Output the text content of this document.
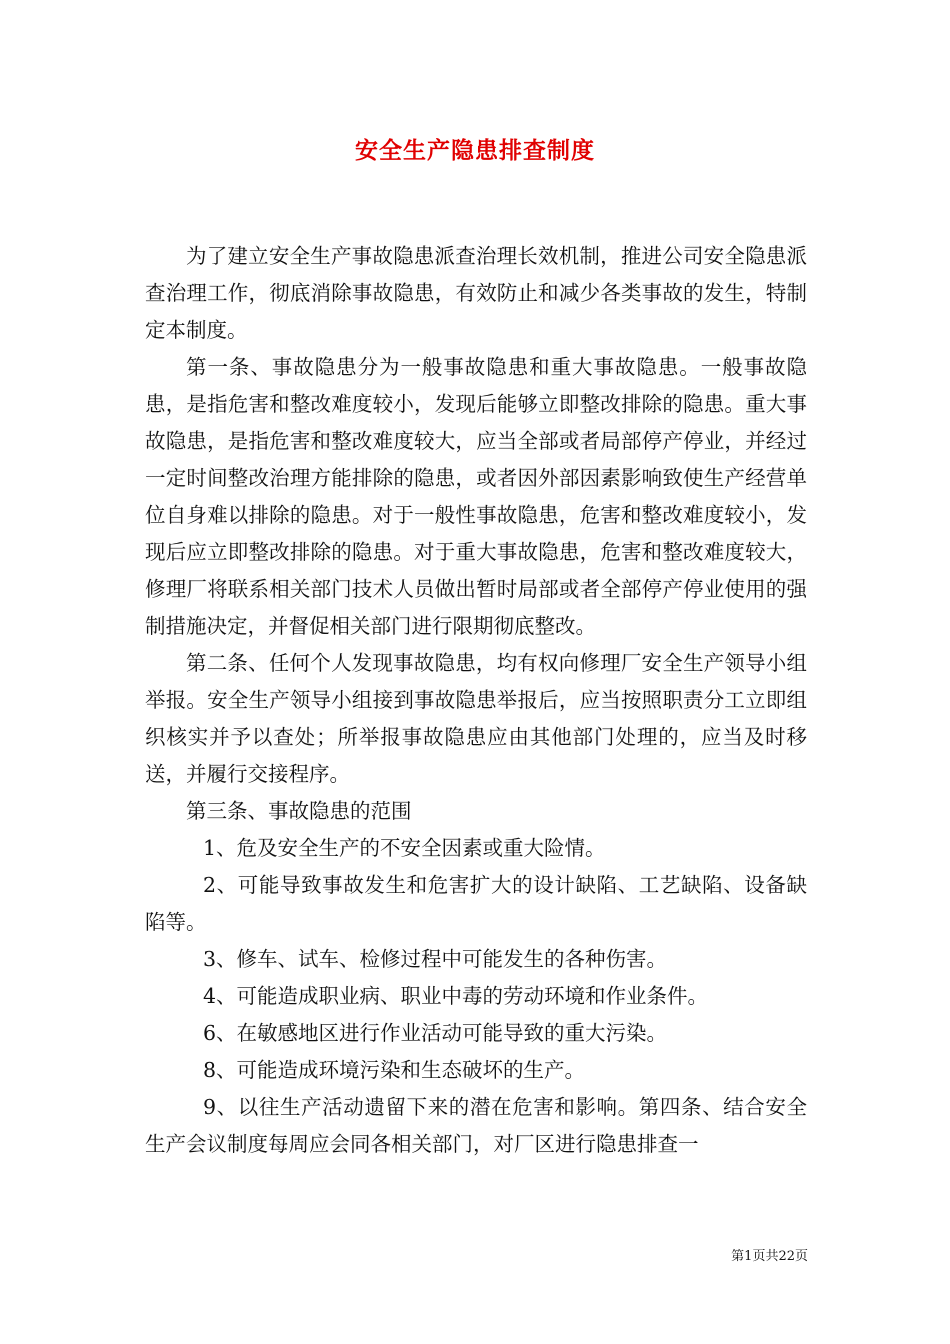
安全生产隐患排查制度

为了建立安全生产事故隐患派查治理长效机制，推进公司安全隐患派查治理工作，彻底消除事故隐患，有效防止和减少各类事故的发生，特制定本制度。

第一条、事故隐患分为一般事故隐患和重大事故隐患。一般事故隐患，是指危害和整改难度较小，发现后能够立即整改排除的隐患。重大事故隐患，是指危害和整改难度较大，应当全部或者局部停产停业，并经过一定时间整改治理方能排除的隐患，或者因外部因素影响致使生产经营单位自身难以排除的隐患。对于一般性事故隐患，危害和整改难度较小，发现后应立即整改排除的隐患。对于重大事故隐患，危害和整改难度较大，修理厂将联系相关部门技术人员做出暂时局部或者全部停产停业使用的强制措施决定，并督促相关部门进行限期彻底整改。

第二条、任何个人发现事故隐患，均有权向修理厂安全生产领导小组举报。安全生产领导小组接到事故隐患举报后，应当按照职责分工立即组织核实并予以查处；所举报事故隐患应由其他部门处理的，应当及时移送，并履行交接程序。

第三条、事故隐患的范围

1、危及安全生产的不安全因素或重大险情。

2、可能导致事故发生和危害扩大的设计缺陷、工艺缺陷、设备缺陷等。

3、修车、试车、检修过程中可能发生的各种伤害。

4、可能造成职业病、职业中毒的劳动环境和作业条件。

6、在敏感地区进行作业活动可能导致的重大污染。

8、可能造成环境污染和生态破坏的生产。

9、以往生产活动遗留下来的潜在危害和影响。第四条、结合安全生产会议制度每周应会同各相关部门，对厂区进行隐患排查一

第1页共22页
